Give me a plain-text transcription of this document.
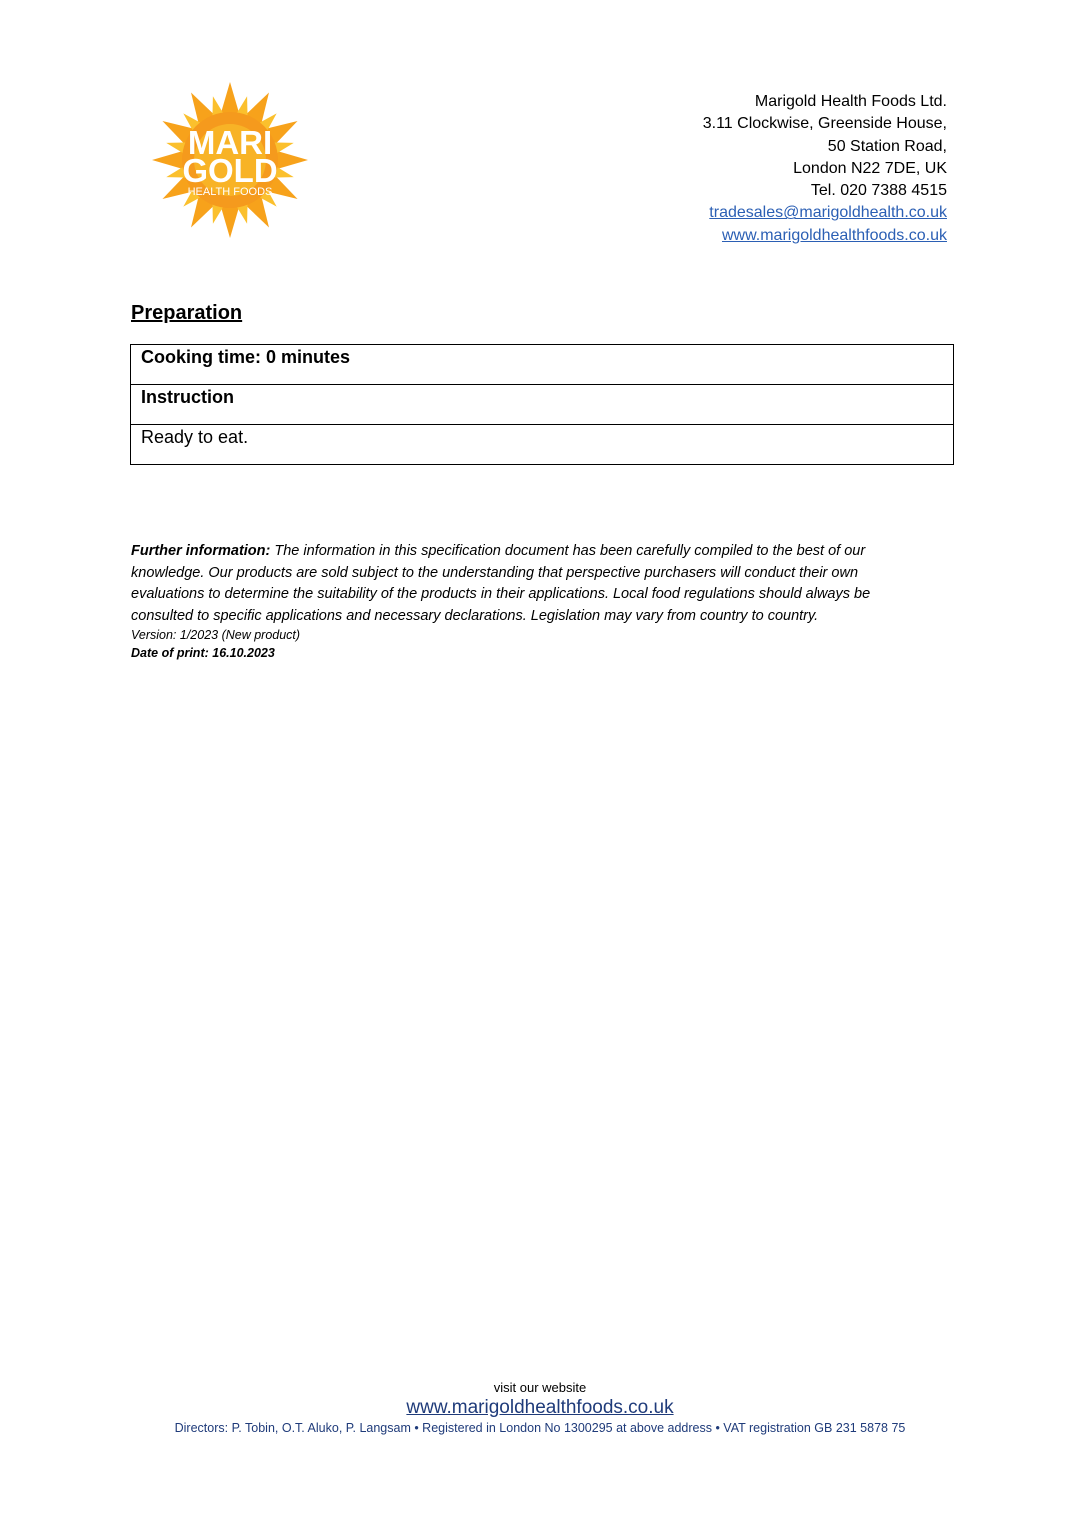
MARI
GOLD
HEALTH FOODS
Marigold Health Foods Ltd.
3.11 Clockwise, Greenside House,
50 Station Road,
London N22 7DE, UK
Tel. 020 7388 4515
tradesales@marigoldhealth.co.uk
www.marigoldhealthfoods.co.uk
Preparation
Cooking time: 0 minutes

Instruction

Ready to eat.
Further information: The information in this specification document has been carefully compiled to the best of our knowledge. Our products are sold subject to the understanding that perspective purchasers will conduct their own evaluations to determine the suitability of the products in their applications. Local food regulations should always be consulted to specific applications and necessary declarations. Legislation may vary from country to country.
Version: 1/2023 (New product)
Date of print: 16.10.2023
visit our website
www.marigoldhealthfoods.co.uk
Directors: P. Tobin, O.T. Aluko, P. Langsam • Registered in London No 1300295 at above address • VAT registration GB 231 5878 75
